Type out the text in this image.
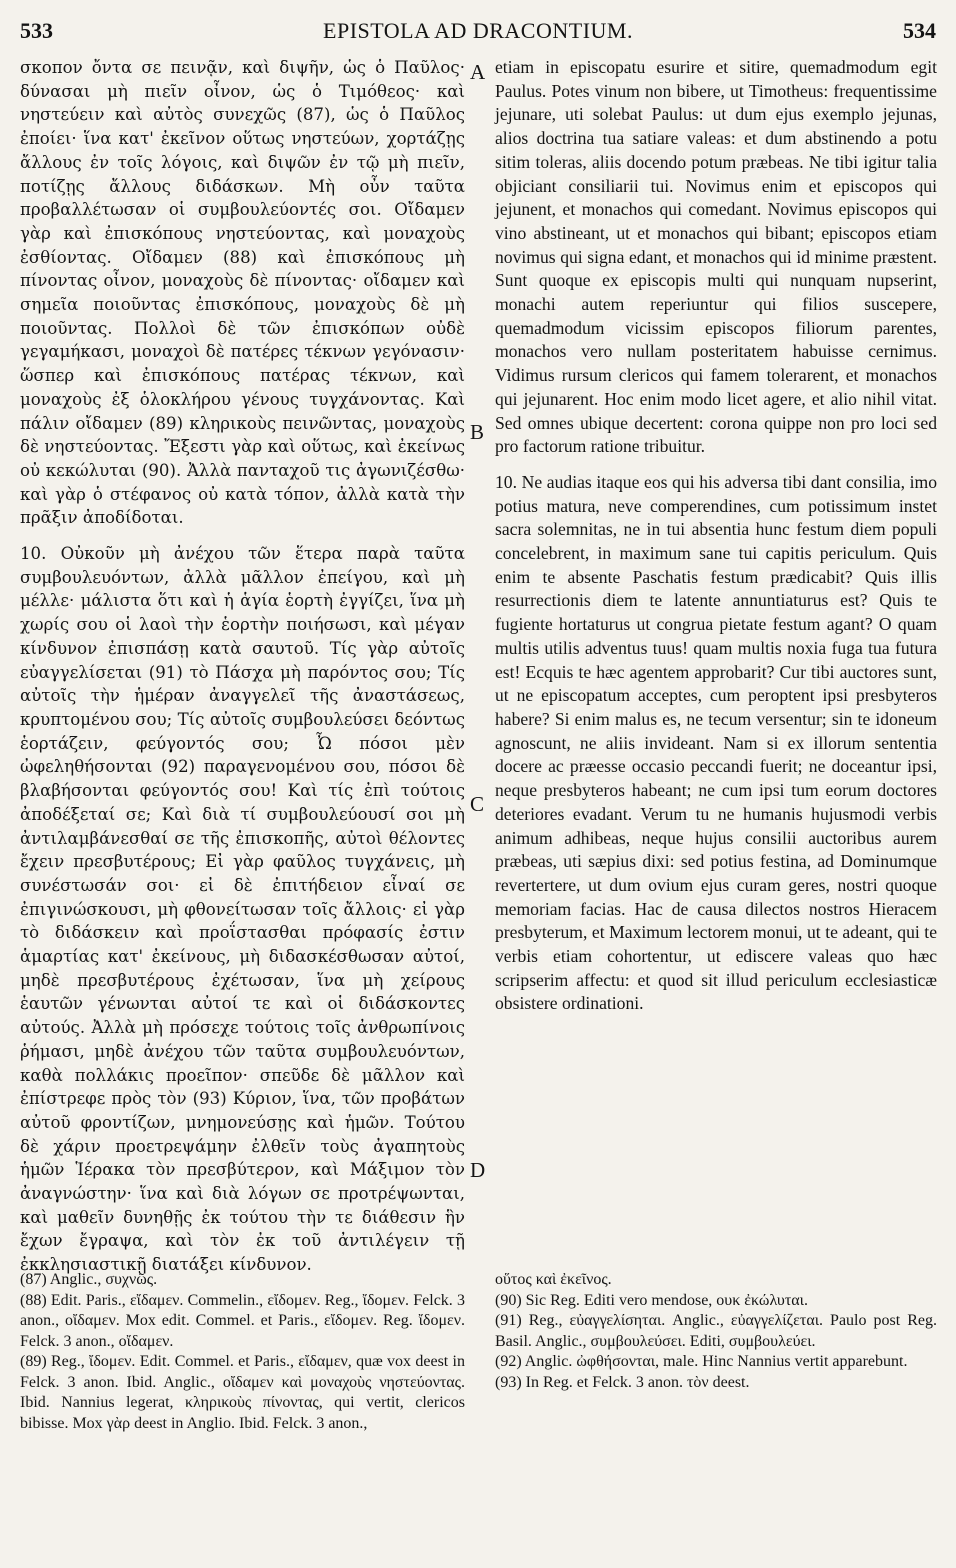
533	EPISTOLA AD DRACONTIUM.	534

σκοπον ὄντα σε πεινᾷν, καὶ διψῆν, ὡς ὁ Παῦλος· δύνασαι μὴ πιεῖν οἶνον, ὡς ὁ Τιμόθεος· καὶ νηστεύειν καὶ αὐτὸς συνεχῶς (87), ὡς ὁ Παῦλος ἐποίει· ἵνα κατ' ἐκεῖνον οὕτως νηστεύων, χορτάζῃς ἄλλους ἐν τοῖς λόγοις, καὶ διψῶν ἐν τῷ μὴ πιεῖν, ποτίζῃς ἄλλους διδάσκων. Μὴ οὖν ταῦτα προβαλλέτωσαν οἱ συμβουλεύοντές σοι. Οἴδαμεν γὰρ καὶ ἐπισκόπους νηστεύοντας, καὶ μοναχοὺς ἐσθίοντας. Οἴδαμεν (88) καὶ ἐπισκόπους μὴ πίνοντας οἶνον, μοναχοὺς δὲ πίνοντας· οἴδαμεν καὶ σημεῖα ποιοῦντας ἐπισκόπους, μοναχοὺς δὲ μὴ ποιοῦντας. Πολλοὶ δὲ τῶν ἐπισκόπων οὐδὲ γεγαμήκασι, μοναχοὶ δὲ πατέρες τέκνων γεγόνασιν· ὥσπερ καὶ ἐπισκόπους πατέρας τέκνων, καὶ μοναχοὺς ἐξ ὁλοκλήρου γένους τυγχάνοντας. Καὶ πάλιν οἴδαμεν (89) κληρικοὺς πεινῶντας, μοναχοὺς δὲ νηστεύοντας. Ἔξεστι γὰρ καὶ οὕτως, καὶ ἐκείνως οὐ κεκώλυται (90). Ἀλλὰ πανταχοῦ τις ἀγωνιζέσθω· καὶ γὰρ ὁ στέφανος οὐ κατὰ τόπον, ἀλλὰ κατὰ τὴν πρᾶξιν ἀποδίδοται.

10. Οὐκοῦν μὴ ἀνέχου τῶν ἕτερα παρὰ ταῦτα συμβουλευόντων, ἀλλὰ μᾶλλον ἐπείγου, καὶ μὴ μέλλε· μάλιστα ὅτι καὶ ἡ ἁγία ἑορτὴ ἐγγίζει, ἵνα μὴ χωρίς σου οἱ λαοὶ τὴν ἑορτὴν ποιήσωσι, καὶ μέγαν κίνδυνον ἐπισπάσῃ κατὰ σαυτοῦ. Τίς γὰρ αὐτοῖς εὐαγγελίσεται (91) τὸ Πάσχα μὴ παρόντος σου; Τίς αὐτοῖς τὴν ἡμέραν ἀναγγελεῖ τῆς ἀναστάσεως, κρυπτομένου σου; Τίς αὐτοῖς συμβουλεύσει δεόντως ἑορτάζειν, φεύγοντός σου; Ὦ πόσοι μὲν ὠφεληθήσονται (92) παραγενομένου σου, πόσοι δὲ βλαβήσονται φεύγοντός σου! Καὶ τίς ἐπὶ τούτοις ἀποδέξεταί σε; Καὶ διὰ τί συμβουλεύουσί σοι μὴ ἀντιλαμβάνεσθαί σε τῆς ἐπισκοπῆς, αὐτοὶ θέλοντες ἔχειν πρεσβυτέρους; Εἰ γὰρ φαῦλος τυγχάνεις, μὴ συνέστωσάν σοι· εἰ δὲ ἐπιτήδειον εἶναί σε ἐπιγινώσκουσι, μὴ φθονείτωσαν τοῖς ἄλλοις· εἰ γὰρ τὸ διδάσκειν καὶ προΐστασθαι πρόφασίς ἐστιν ἁμαρτίας κατ' ἐκείνους, μὴ διδασκέσθωσαν αὐτοί, μηδὲ πρεσβυτέρους ἐχέτωσαν, ἵνα μὴ χείρους ἑαυτῶν γένωνται αὐτοί τε καὶ οἱ διδάσκοντες αὐτούς. Ἀλλὰ μὴ πρόσεχε τούτοις τοῖς ἀνθρωπίνοις ῥήμασι, μηδὲ ἀνέχου τῶν ταῦτα συμβουλευόντων, καθὰ πολλάκις προεῖπον· σπεῦδε δὲ μᾶλλον καὶ ἐπίστρεφε πρὸς τὸν (93) Κύριον, ἵνα, τῶν προβάτων αὐτοῦ φροντίζων, μνημονεύσῃς καὶ ἡμῶν. Τούτου δὲ χάριν προετρεψάμην ἐλθεῖν τοὺς ἀγαπητοὺς ἡμῶν Ἱέρακα τὸν πρεσβύτερον, καὶ Μάξιμον τὸν ἀναγνώστην· ἵνα καὶ διὰ λόγων σε προτρέψωνται, καὶ μαθεῖν δυνηθῇς ἐκ τούτου τὴν τε διάθεσιν ἣν ἔχων ἔγραψα, καὶ τὸν ἐκ τοῦ ἀντιλέγειν τῇ ἐκκλησιαστικῇ διατάξει κίνδυνον.

A
B
C
D

etiam in episcopatu esurire et sitire, quemadmodum egit Paulus. Potes vinum non bibere, ut Timotheus: frequentissime jejunare, uti solebat Paulus: ut dum ejus exemplo jejunas, alios doctrina tua satiare valeas: et dum abstinendo a potu sitim toleras, aliis docendo potum præbeas. Ne tibi igitur talia objiciant consiliarii tui. Novimus enim et episcopos qui jejunent, et monachos qui comedant. Novimus episcopos qui vino abstineant, ut et monachos qui bibant; episcopos etiam novimus qui signa edant, et monachos qui id minime præstent. Sunt quoque ex episcopis multi qui nunquam nupserint, monachi autem reperiuntur qui filios suscepere, quemadmodum vicissim episcopos filiorum parentes, monachos vero nullam posteritatem habuisse cernimus. Vidimus rursum clericos qui famem tolerarent, et monachos qui jejunarent. Hoc enim modo licet agere, et alio nihil vitat. Sed omnes ubique decertent: corona quippe non pro loci sed pro factorum ratione tribuitur.

10. Ne audias itaque eos qui his adversa tibi dant consilia, imo potius matura, neve comperendines, cum potissimum instet sacra solemnitas, ne in tui absentia hunc festum diem populi concelebrent, in maximum sane tui capitis periculum. Quis enim te absente Paschatis festum prædicabit? Quis illis resurrectionis diem te latente annuntiaturus est? Quis te fugiente hortaturus ut congrua pietate festum agant? O quam multis utilis adventus tuus! quam multis noxia fuga tua futura est! Ecquis te hæc agentem approbarit? Cur tibi auctores sunt, ut ne episcopatum acceptes, cum peroptent ipsi presbyteros habere? Si enim malus es, ne tecum versentur; sin te idoneum agnoscunt, ne aliis invideant. Nam si ex illorum sententia docere ac præesse occasio peccandi fuerit; ne doceantur ipsi, neque presbyteros habeant; ne cum ipsi tum eorum doctores deteriores evadant. Verum tu ne humanis hujusmodi verbis animum adhibeas, neque hujus consilii auctoribus aurem præbeas, uti sæpius dixi: sed potius festina, ad Dominumque revertertere, ut dum ovium ejus curam geres, nostri quoque memoriam facias. Hac de causa dilectos nostros Hieracem presbyterum, et Maximum lectorem monui, ut te adeant, qui te verbis etiam cohortentur, ut ediscere valeas quo hæc scripserim affectu: et quod sit illud periculum ecclesiasticæ obsistere ordinationi.

(87) Anglic., συχνῶς.

(88) Edit. Paris., εἴδαμεν. Commelin., εἴδομεν. Reg., ἴδομεν. Felck. 3 anon., οἴδαμεν. Mox edit. Commel. et Paris., εἴδομεν. Reg. ἴδομεν. Felck. 3 anon., οἴδαμεν.

(89) Reg., ἴδομεν. Edit. Commel. et Paris., εἴδαμεν, quæ vox deest in Felck. 3 anon. Ibid. Anglic., οἴδαμεν καὶ μοναχοὺς νηστεύοντας. Ibid. Nannius legerat, κληρικοὺς πίνοντας, qui vertit, clericos bibisse. Mox γὰρ deest in Anglio. Ibid. Felck. 3 anon.,

οὕτος καὶ ἐκεῖνος.

(90) Sic Reg. Editi vero mendose, ουκ ἐκώλυται.

(91) Reg., εὐαγγελίσηται. Anglic., εὐαγγελίζεται. Paulo post Reg. Basil. Anglic., συμβουλεύσει. Editi, συμβουλεύει.

(92) Anglic. ὠφθήσονται, male. Hinc Nannius vertit apparebunt.

(93) In Reg. et Felck. 3 anon. τὸν deest.
